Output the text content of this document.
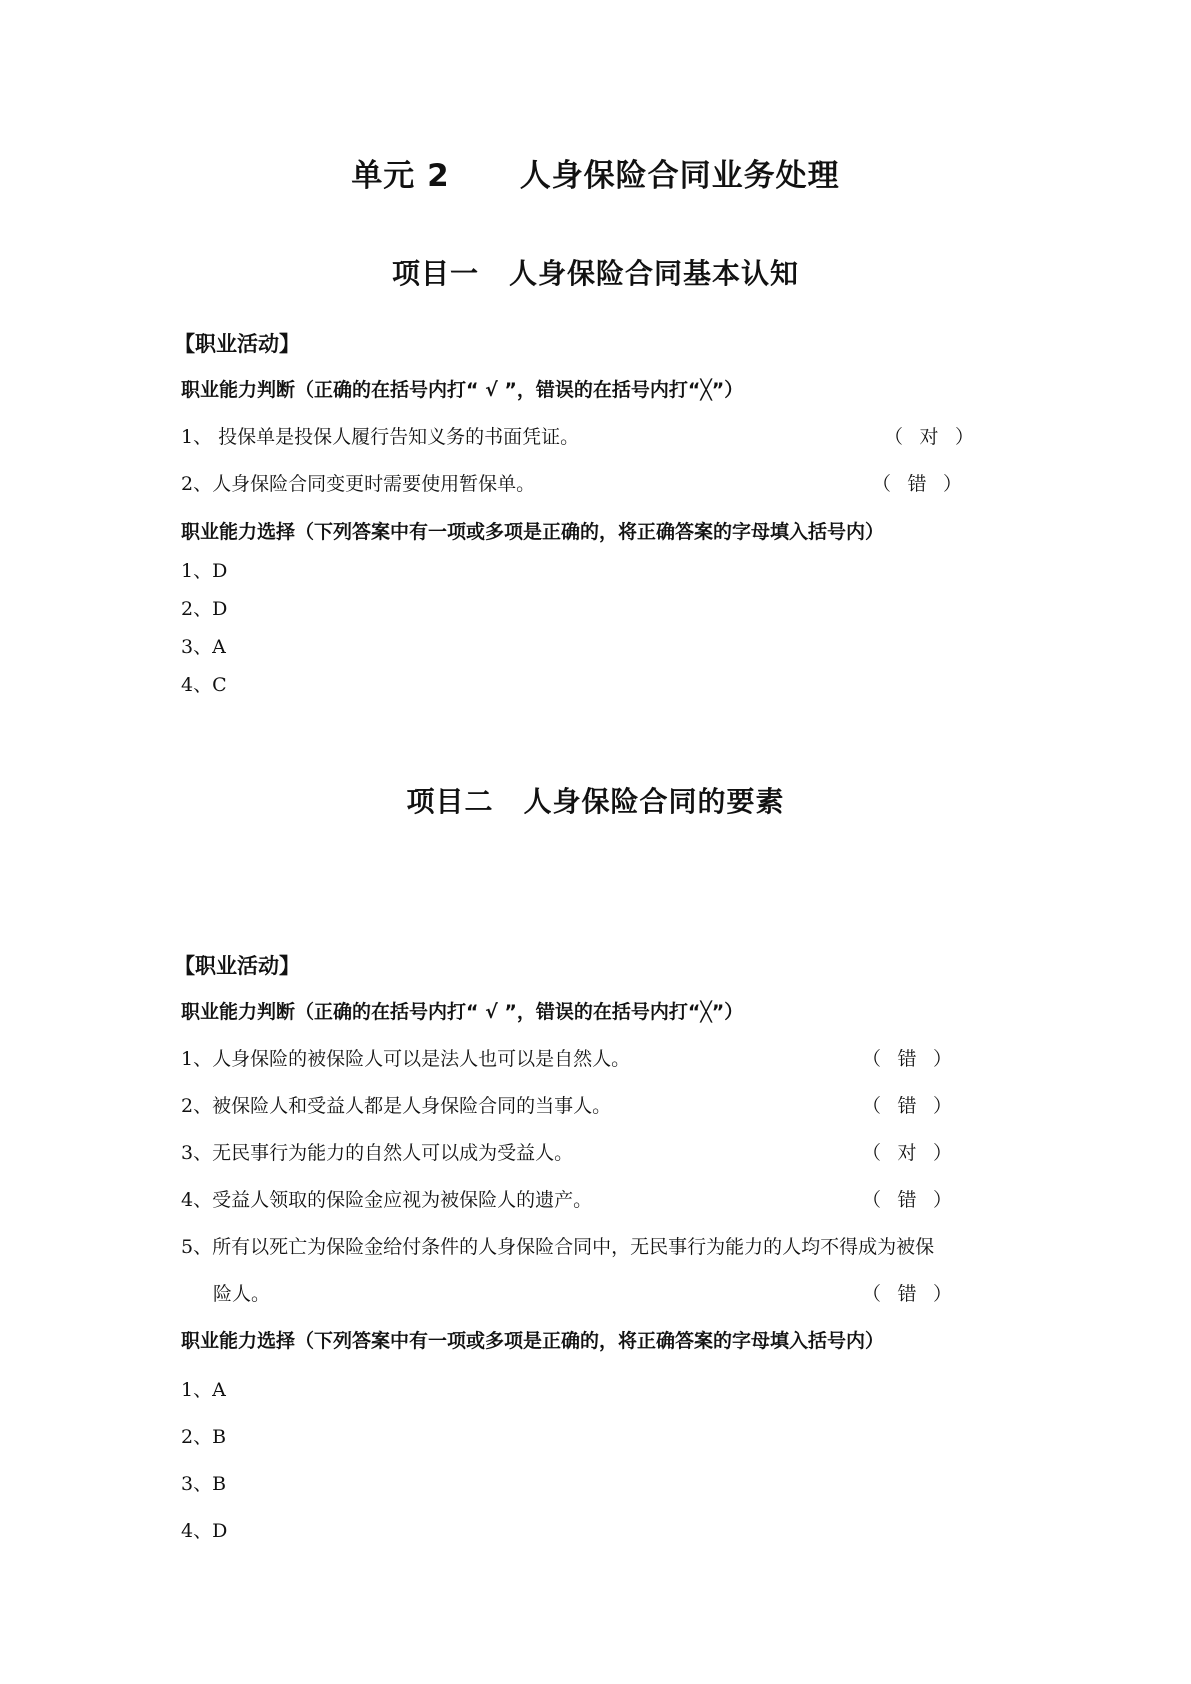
单元 2 人身保险合同业务处理
项目一 人身保险合同基本认知
【职业活动】
职业能力判断（正确的在括号内打“ √ ”，错误的在括号内打“╳”）
1、 投保单是投保人履行告知义务的书面凭证。	（ 对 ）
2、人身保险合同变更时需要使用暂保单。	（ 错 ）
职业能力选择（下列答案中有一项或多项是正确的，将正确答案的字母填入括号内）
1、D
2、D
3、A
4、C
项目二 人身保险合同的要素
【职业活动】
职业能力判断（正确的在括号内打“ √ ”，错误的在括号内打“╳”）
1、人身保险的被保险人可以是法人也可以是自然人。	（ 错 ）
2、被保险人和受益人都是人身保险合同的当事人。	（ 错 ）
3、无民事行为能力的自然人可以成为受益人。	（ 对 ）
4、受益人领取的保险金应视为被保险人的遗产。	（ 错 ）
5、所有以死亡为保险金给付条件的人身保险合同中，无民事行为能力的人均不得成为被保
险人。	（ 错 ）
职业能力选择（下列答案中有一项或多项是正确的，将正确答案的字母填入括号内）
1、A
2、B
3、B
4、D
